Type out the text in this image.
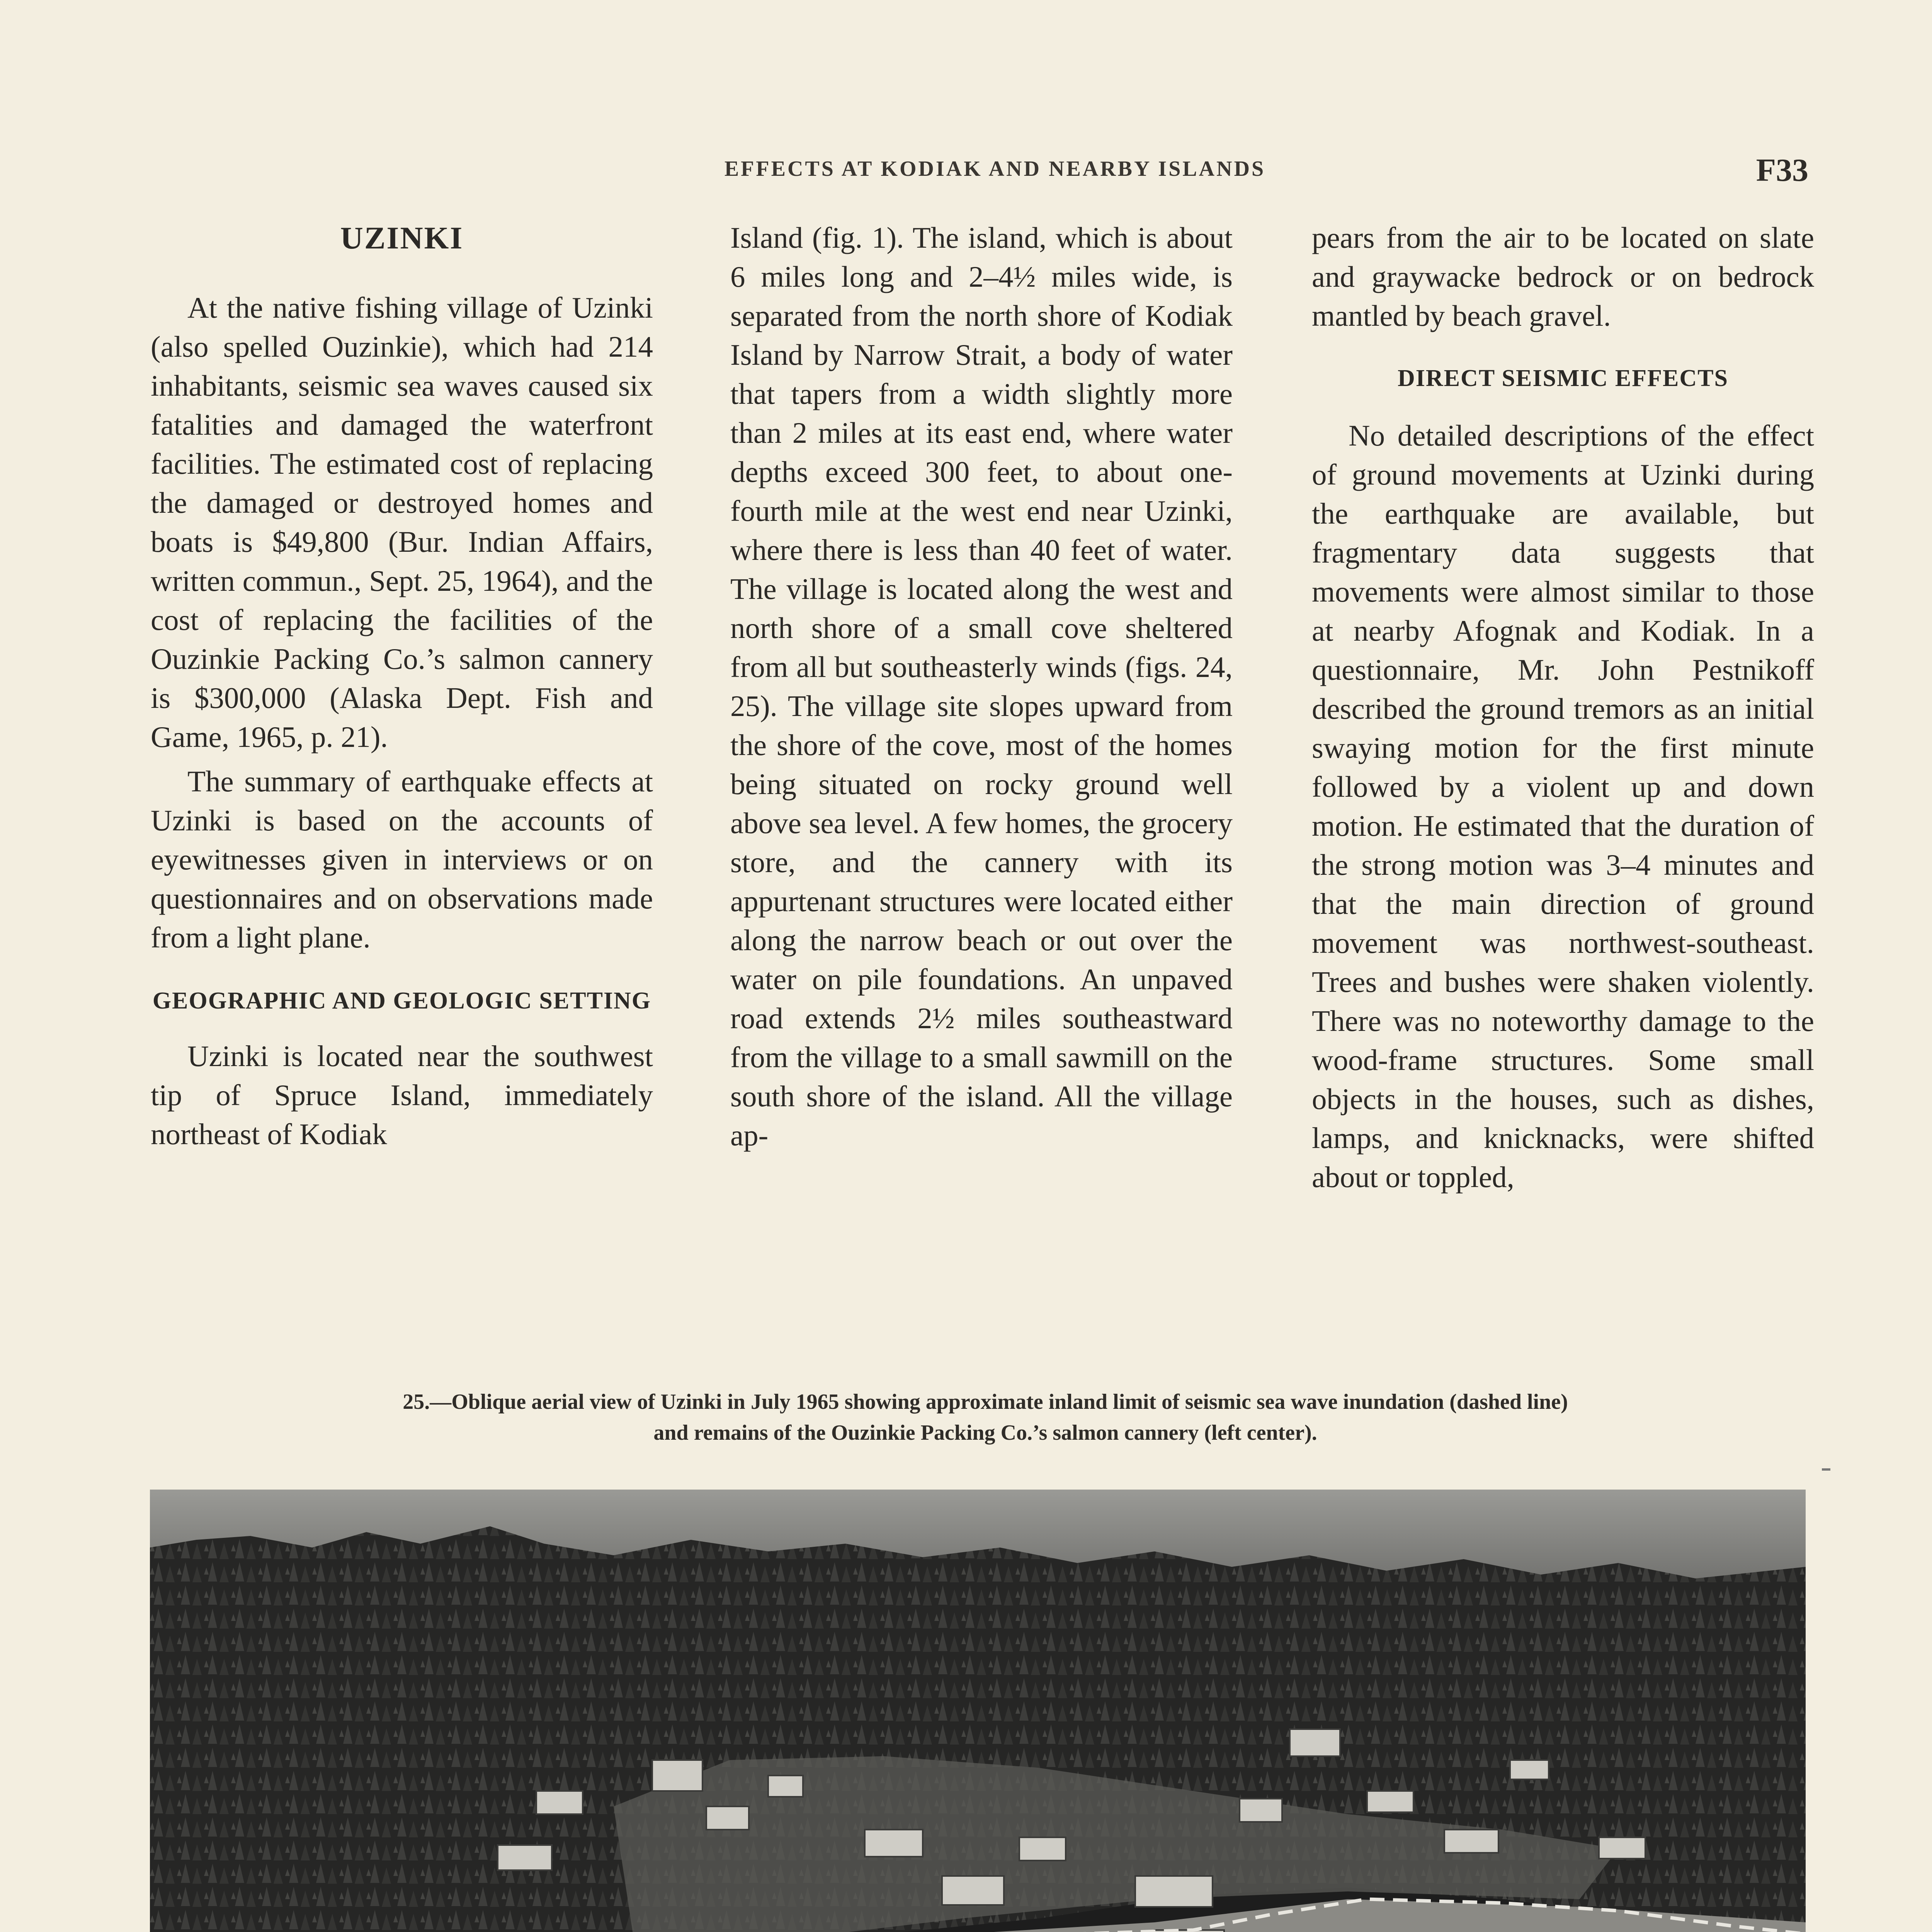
EFFECTS AT KODIAK AND NEARBY ISLANDS	F33
UZINKI

At the native fishing village of Uzinki (also spelled Ouzinkie), which had 214 inhabitants, seismic sea waves caused six fatalities and damaged the waterfront facilities. The estimated cost of replacing the damaged or destroyed homes and boats is $49,800 (Bur. Indian Affairs, written commun., Sept. 25, 1964), and the cost of replacing the facilities of the Ouzinkie Packing Co.’s salmon cannery is $300,000 (Alaska Dept. Fish and Game, 1965, p. 21).

The summary of earthquake effects at Uzinki is based on the accounts of eyewitnesses given in interviews or on questionnaires and on observations made from a light plane.

GEOGRAPHIC AND GEOLOGIC SETTING

Uzinki is located near the southwest tip of Spruce Island, immediately northeast of Kodiak

Island (fig. 1). The island, which is about 6 miles long and 2–4½ miles wide, is separated from the north shore of Kodiak Island by Narrow Strait, a body of water that tapers from a width slightly more than 2 miles at its east end, where water depths exceed 300 feet, to about one-fourth mile at the west end near Uzinki, where there is less than 40 feet of water. The village is located along the west and north shore of a small cove sheltered from all but southeasterly winds (figs. 24, 25). The village site slopes upward from the shore of the cove, most of the homes being situated on rocky ground well above sea level. A few homes, the grocery store, and the cannery with its appurtenant structures were located either along the narrow beach or out over the water on pile foundations. An unpaved road extends 2½ miles southeastward from the village to a small sawmill on the south shore of the island. All the village ap-

pears from the air to be located on slate and graywacke bedrock or on bedrock mantled by beach gravel.

DIRECT SEISMIC EFFECTS

No detailed descriptions of the effect of ground movements at Uzinki during the earthquake are available, but fragmentary data suggests that movements were almost similar to those at nearby Afognak and Kodiak. In a questionnaire, Mr. John Pestnikoff described the ground tremors as an initial swaying motion for the first minute followed by a violent up and down motion. He estimated that the duration of the strong motion was 3–4 minutes and that the main direction of ground movement was northwest-southeast. Trees and bushes were shaken violently. There was no noteworthy damage to the wood-frame structures. Some small objects in the houses, such as dishes, lamps, and knicknacks, were shifted about or toppled,

25.—Oblique aerial view of Uzinki in July 1965 showing approximate inland limit of seismic sea wave inundation (dashed line)
and remains of the Ouzinkie Packing Co.’s salmon cannery (left center).
